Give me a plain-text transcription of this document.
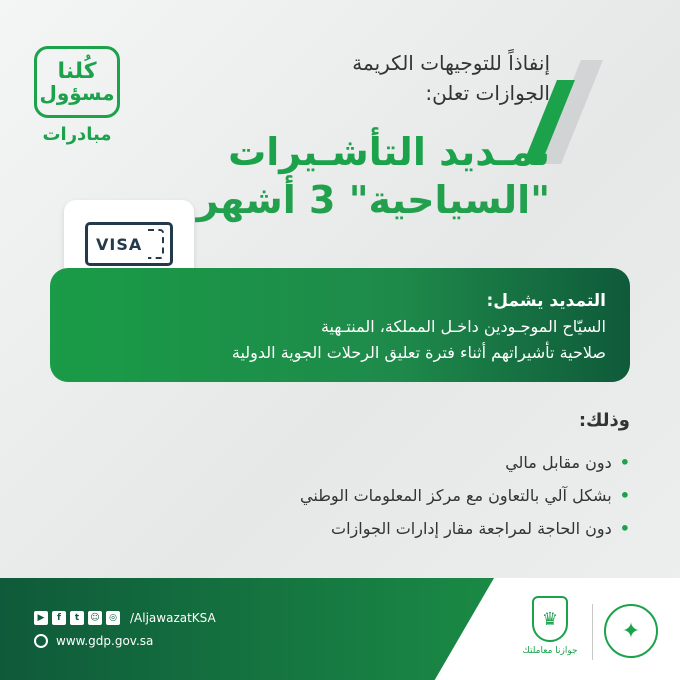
كُلنا
مسؤول
مبادرات
إنفاذاً للتوجيهات الكريمة
الجوازات تعلن:
تمـديد التأشـيرات
"السياحية" 3 أشهر
VISA
التمديد يشمل:
السيّاح الموجـودين داخـل المملكة، المنتـهية
صلاحية تأشيراتهم أثناء فترة تعليق الرحلات الجوية الدولية
وذلك:
•دون مقابل مالي
•بشكل آلي بالتعاون مع مركز المعلومات الوطني
•دون الحاجة لمراجعة مقار إدارات الجوازات
▶	f	t	☺	◎ /AljawazatKSA
www.gdp.gov.sa
♛
جوازنا معاملتك
✦
